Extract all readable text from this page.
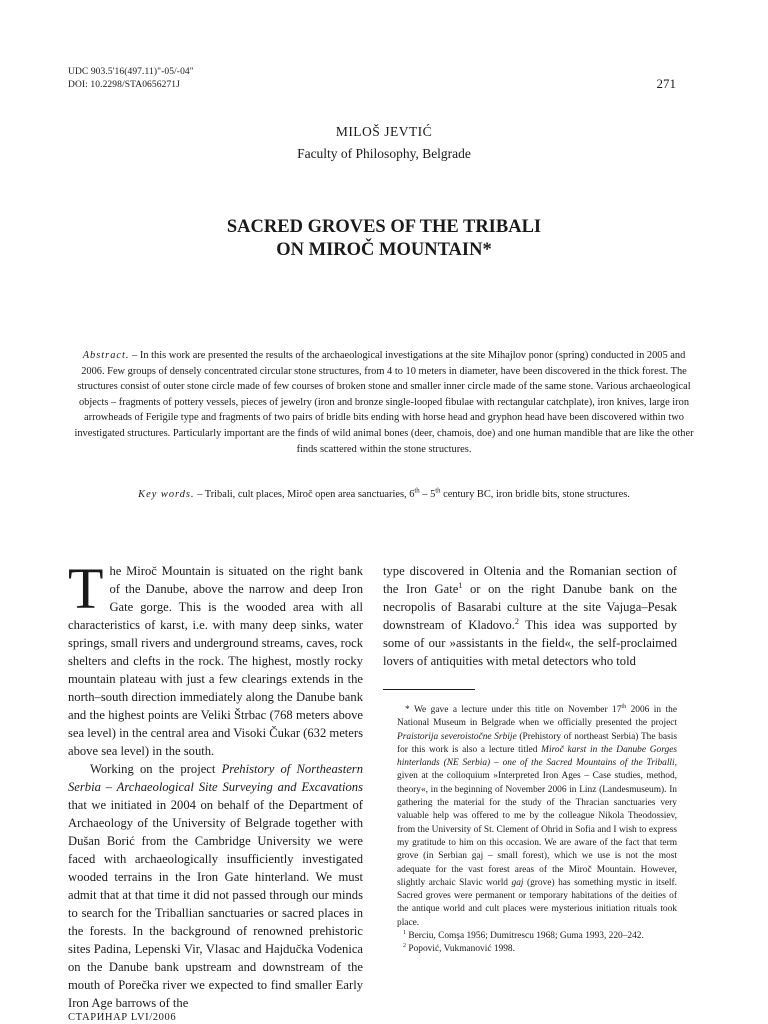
UDC 903.5'16(497.11)"-05/-04"
DOI: 10.2298/STA0656271J	271
MILOŠ JEVTIĆ
Faculty of Philosophy, Belgrade
SACRED GROVES OF THE TRIBALI
ON MIROČ MOUNTAIN*
Abstract. – In this work are presented the results of the archaeological investigations at the site Mihajlov ponor (spring) conducted in 2005 and 2006. Few groups of densely concentrated circular stone structures, from 4 to 10 meters in diameter, have been discovered in the thick forest. The structures consist of outer stone circle made of few courses of broken stone and smaller inner circle made of the same stone. Various archaeological objects – fragments of pottery vessels, pieces of jewelry (iron and bronze single-looped fibulae with rectangular catchplate), iron knives, large iron arrowheads of Ferigile type and fragments of two pairs of bridle bits ending with horse head and gryphon head have been discovered within two investigated structures. Particularly important are the finds of wild animal bones (deer, chamois, doe) and one human mandible that are like the other finds scattered within the stone structures.
Key words. – Tribali, cult places, Miroč open area sanctuaries, 6th – 5th century BC, iron bridle bits, stone structures.

The Miroč Mountain is situated on the right bank of the Danube, above the narrow and deep Iron Gate gorge. This is the wooded area with all characteristics of karst, i.e. with many deep sinks, water springs, small rivers and underground streams, caves, rock shelters and clefts in the rock. The highest, mostly rocky mountain plateau with just a few clearings extends in the north–south direction immediately along the Danube bank and the highest points are Veliki Štrbac (768 meters above sea level) in the central area and Visoki Čukar (632 meters above sea level) in the south.

Working on the project Prehistory of Northeastern Serbia – Archaeological Site Surveying and Excavations that we initiated in 2004 on behalf of the Department of Archaeology of the University of Belgrade together with Dušan Borić from the Cambridge University we were faced with archaeologically insufficiently investigated wooded terrains in the Iron Gate hinterland. We must admit that at that time it did not passed through our minds to search for the Triballian sanctuaries or sacred places in the forests. In the background of renowned prehistoric sites Padina, Lepenski Vir, Vlasac and Hajdučka Vodenica on the Danube bank upstream and downstream of the mouth of Porečka river we expected to find smaller Early Iron Age barrows of the

type discovered in Oltenia and the Romanian section of the Iron Gate$^1$ or on the right Danube bank on the necropolis of Basarabi culture at the site Vajuga–Pesak downstream of Kladovo.$^2$ This idea was supported by some of our »assistants in the field«, the self-proclaimed lovers of antiquities with metal detectors who told

* We gave a lecture under this title on November 17th 2006 in the National Museum in Belgrade when we officially presented the project Praistorija severoistočne Srbije (Prehistory of northeast Serbia) The basis for this work is also a lecture titled Miroč karst in the Danube Gorges hinterlands (NE Serbia) – one of the Sacred Mountains of the Triballi, given at the colloquium »Interpreted Iron Ages – Case studies, method, theory«, in the beginning of November 2006 in Linz (Landesmuseum). In gathering the material for the study of the Thracian sanctuaries very valuable help was offered to me by the colleague Nikola Theodossiev, from the University of St. Clement of Ohrid in Sofia and I wish to express my gratitude to him on this occasion. We are aware of the fact that term grove (in Serbian gaj – small forest), which we use is not the most adequate for the vast forest areas of the Miroč Mountain. However, slightly archaic Slavic world gaj (grove) has something mystic in itself. Sacred groves were permanent or temporary habitations of the deities of the antique world and cult places were mysterious initiation rituals took place.

$^1$ Berciu, Comşa 1956; Dumitrescu 1968; Guma 1993, 220–242.

$^2$ Popović, Vukmanović 1998.

СТАРИНАР LVI/2006
